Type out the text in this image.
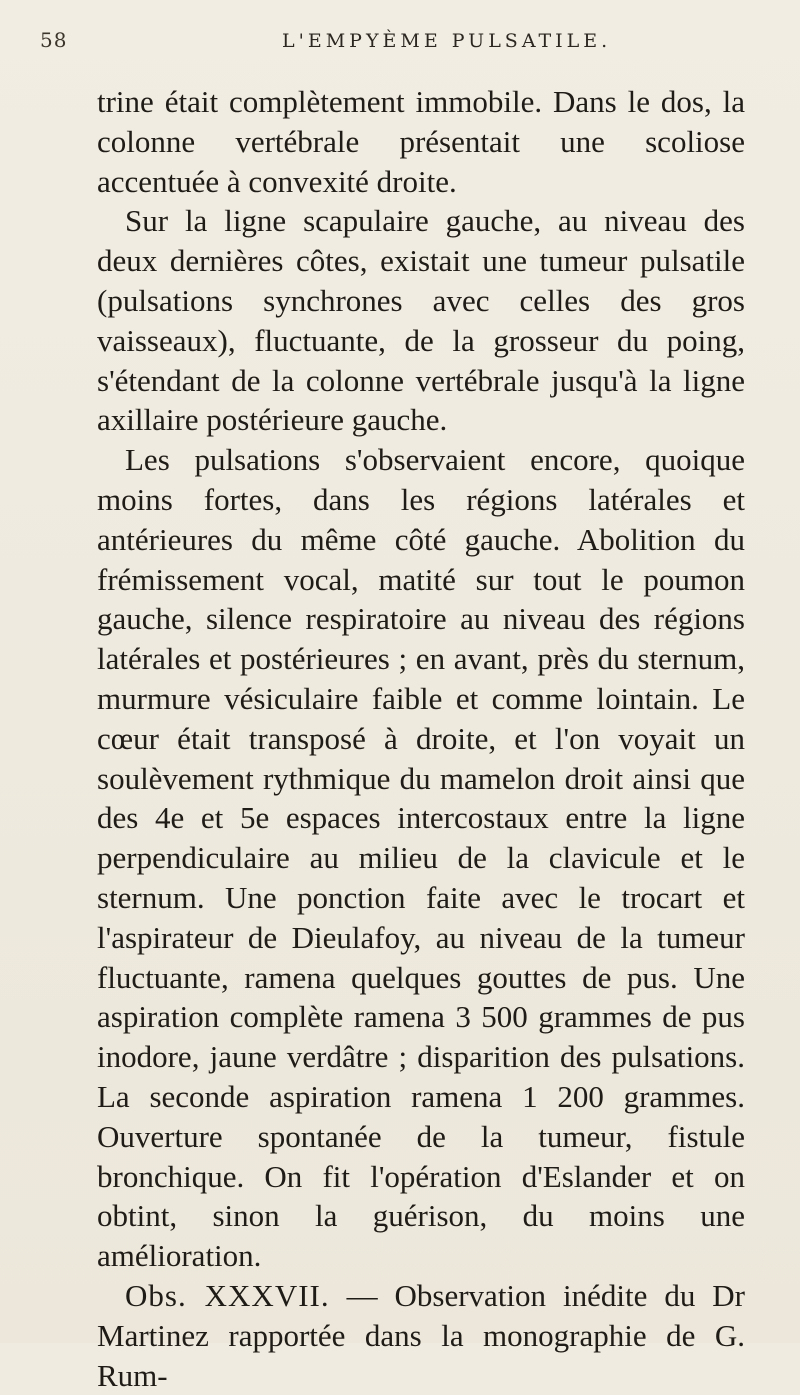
58	L'EMPYÈME PULSATILE.

trine était complètement immobile. Dans le dos, la colonne vertébrale présentait une scoliose accentuée à convexité droite.

Sur la ligne scapulaire gauche, au niveau des deux dernières côtes, existait une tumeur pulsatile (pulsations synchrones avec celles des gros vaisseaux), fluctuante, de la grosseur du poing, s'étendant de la colonne vertébrale jusqu'à la ligne axillaire postérieure gauche.

Les pulsations s'observaient encore, quoique moins fortes, dans les régions latérales et antérieures du même côté gauche. Abolition du frémissement vocal, matité sur tout le poumon gauche, silence respiratoire au niveau des régions latérales et postérieures ; en avant, près du sternum, murmure vésiculaire faible et comme lointain. Le cœur était transposé à droite, et l'on voyait un soulèvement rythmique du mamelon droit ainsi que des 4e et 5e espaces intercostaux entre la ligne perpendiculaire au milieu de la clavicule et le sternum. Une ponction faite avec le trocart et l'aspirateur de Dieulafoy, au niveau de la tumeur fluctuante, ramena quelques gouttes de pus. Une aspiration complète ramena 3 500 grammes de pus inodore, jaune verdâtre ; disparition des pulsations. La seconde aspiration ramena 1 200 grammes. Ouverture spontanée de la tumeur, fistule bronchique. On fit l'opération d'Eslander et on obtint, sinon la guérison, du moins une amélioration.

Obs. XXXVII. — Observation inédite du Dr Martinez rapportée dans la monographie de G. Rum-
